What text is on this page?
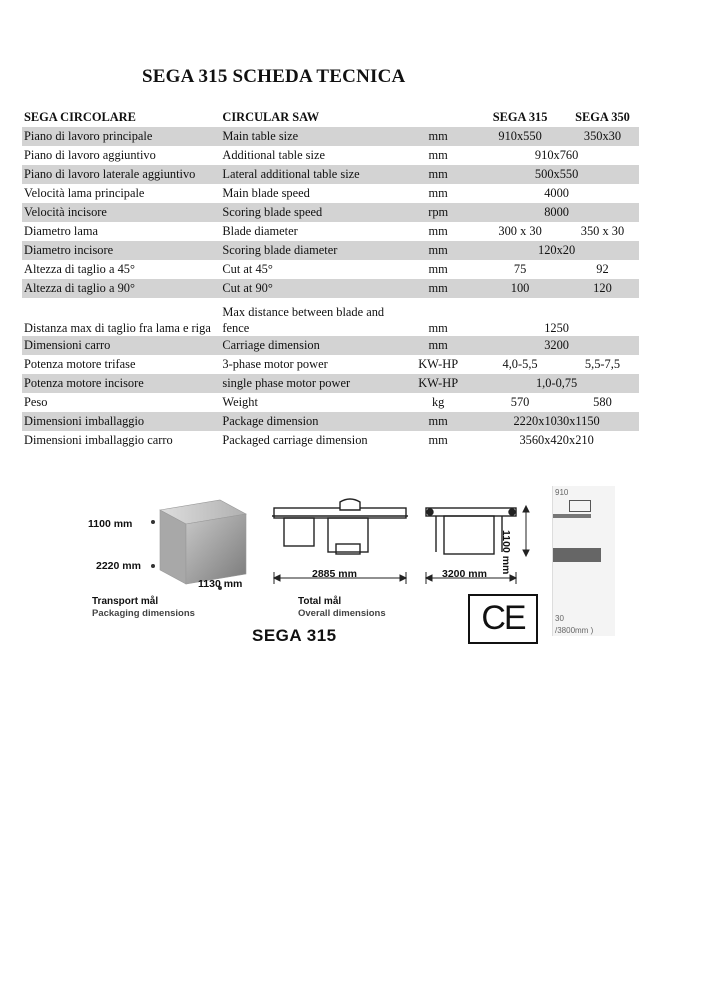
SEGA 315 SCHEDA TECNICA
SEGA CIRCOLARE	CIRCULAR SAW		SEGA 315	SEGA 350
Piano di lavoro principale	Main table size	mm	910x550	350x30
Piano di lavoro aggiuntivo	Additional table size	mm	910x760	
Piano di lavoro laterale aggiuntivo	Lateral additional table size	mm	500x550	
Velocità lama principale	Main blade speed	mm	4000	
Velocità incisore	Scoring blade speed	rpm	8000	
Diametro lama	Blade diameter	mm	300 x 30	350 x 30
Diametro incisore	Scoring blade diameter	mm	120x20	
Altezza di taglio a 45°	Cut at 45°	mm	75	92
Altezza di taglio a 90°	Cut at 90°	mm	100	120
Distanza max di taglio fra lama e riga	Max distance between blade and fence	mm	1250	
Dimensioni carro	Carriage dimension	mm	3200	
Potenza motore trifase	3-phase motor power	KW-HP	4,0-5,5	5,5-7,5
Potenza motore incisore	single phase motor power	KW-HP	1,0-0,75	
Peso	Weight	kg	570	580
Dimensioni imballaggio	Package dimension	mm	2220x1030x1150	
Dimensioni imballaggio carro	Packaged carriage dimension	mm	3560x420x210	
1100 mm
2220 mm
1130 mm
Transport mål
Packaging dimensions
2885 mm	3200 mm 1100 mm
Total mål
Overall dimensions
SEGA 315	CE
910
30
/3800mm )
